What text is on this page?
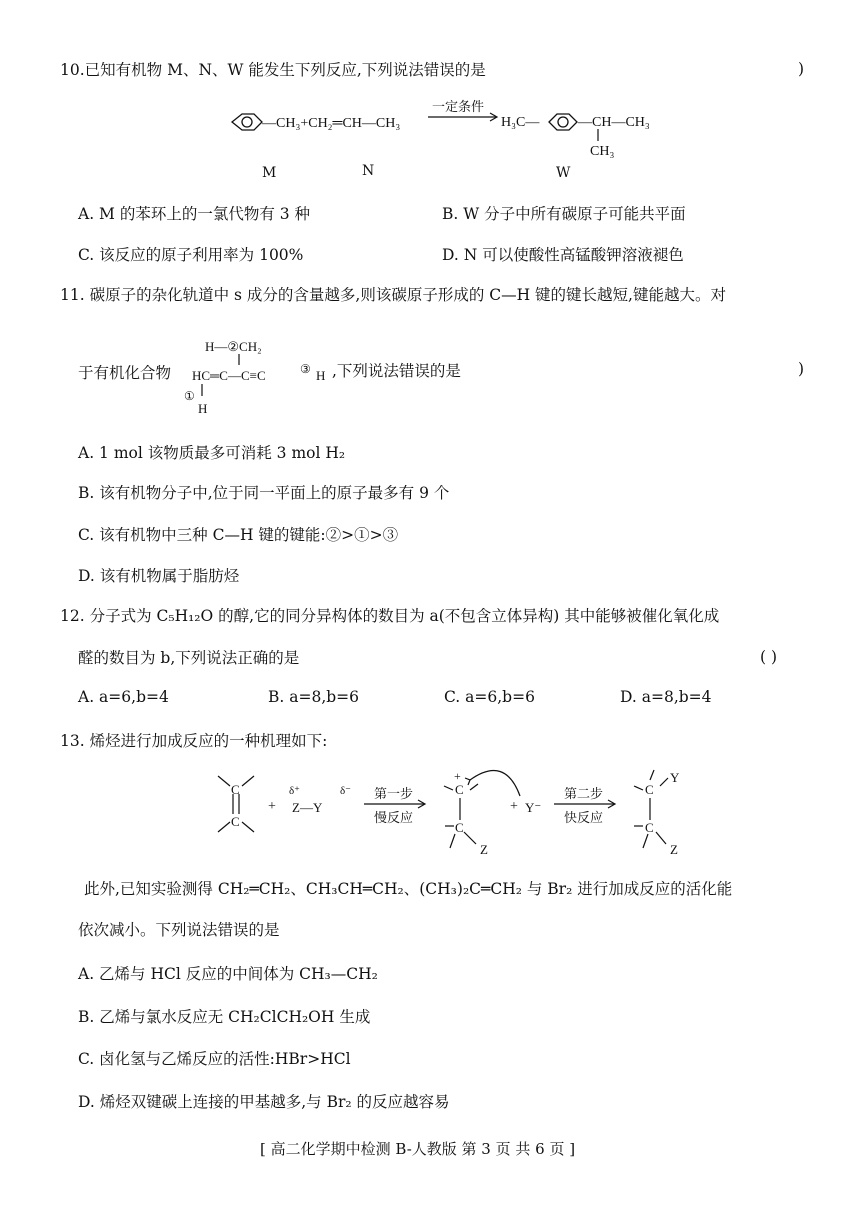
10.已知有机物 M、N、W 能发生下列反应,下列说法错误的是	)
—CH₃+CH₂═CH—CH₃
一定条件
H₃C—	—CH—CH₃
CH₃
M	N	W
A. M 的苯环上的一氯代物有 3 种	B. W 分子中所有碳原子可能共平面
C. 该反应的原子利用率为 100%	D. N 可以使酸性高锰酸钾溶液褪色
11. 碳原子的杂化轨道中 s 成分的含量越多,则该碳原子形成的 C—H 键的键长越短,键能越大。对
H—②CH₂
HC═C—C≡C	③ H
①
H
于有机化合物	,下列说法错误的是	)
A. 1 mol 该物质最多可消耗 3 mol H₂
B. 该有机物分子中,位于同一平面上的原子最多有 9 个
C. 该有机物中三种 C—H 键的键能:②>①>③
D. 该有机物属于脂肪烃
12. 分子式为 C₅H₁₂O 的醇,它的同分异构体的数目为 a(不包含立体异构) 其中能够被催化氧化成
醛的数目为 b,下列说法正确的是	( )
A. a=6,b=4	B. a=8,b=6	C. a=6,b=6	D. a=8,b=4
13. 烯烃进行加成反应的一种机理如下:
C
C
+
δ⁺	δ⁻
Z—Y
第一步
慢反应
+
C
C
Z
+ Y⁻
第二步
快反应
C
C
Y
Z
此外,已知实验测得 CH₂═CH₂、CH₃CH═CH₂、(CH₃)₂C═CH₂ 与 Br₂ 进行加成反应的活化能
依次减小。下列说法错误的是
A. 乙烯与 HCl 反应的中间体为 CH₃—CH₂
B. 乙烯与氯水反应无 CH₂ClCH₂OH 生成
C. 卤化氢与乙烯反应的活性:HBr>HCl
D. 烯烃双键碳上连接的甲基越多,与 Br₂ 的反应越容易
[ 高二化学期中检测 B-人教版 第 3 页 共 6 页 ]
